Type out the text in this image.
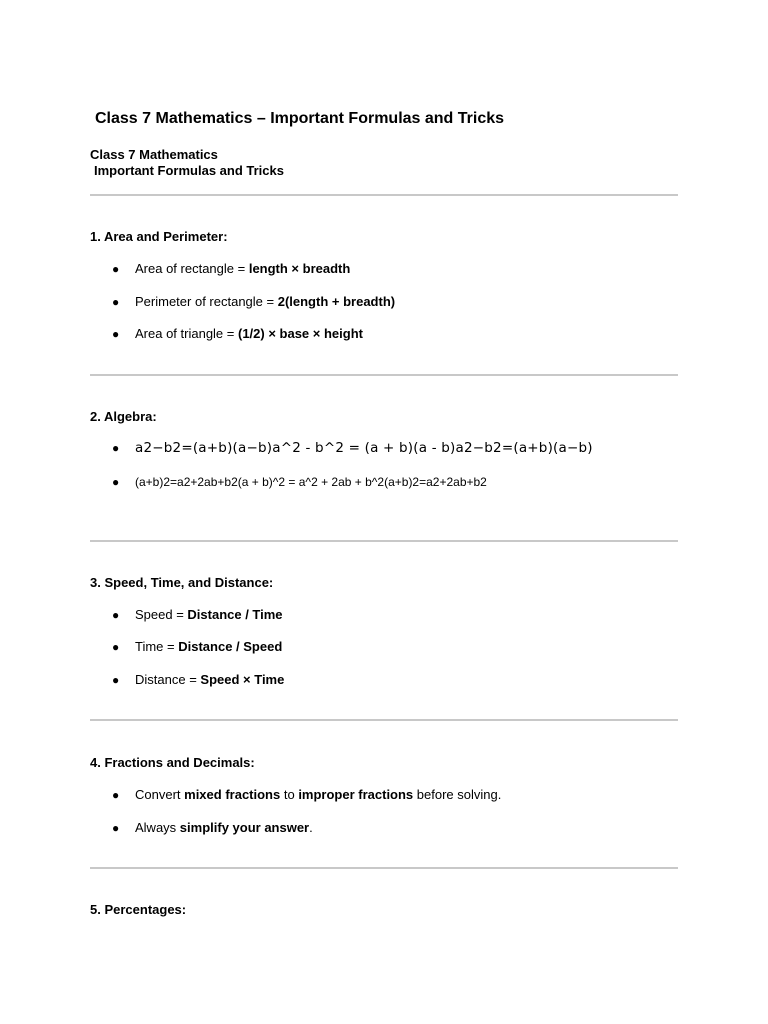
Class 7 Mathematics – Important Formulas and Tricks
Class 7 Mathematics
Important Formulas and Tricks
1. Area and Perimeter:
●	Area of rectangle = length × breadth
●	Perimeter of rectangle = 2(length + breadth)
●	Area of triangle = (1/2) × base × height
2. Algebra:
●	a2−b2=(a+b)(a−b)a^2 - b^2 = (a + b)(a - b)a2−b2=(a+b)(a−b)
●	(a+b)2=a2+2ab+b2(a + b)^2 = a^2 + 2ab + b^2(a+b)2=a2+2ab+b2
3. Speed, Time, and Distance:
●	Speed = Distance / Time
●	Time = Distance / Speed
●	Distance = Speed × Time
4. Fractions and Decimals:
●	Convert mixed fractions to improper fractions before solving.
●	Always simplify your answer .
5. Percentages:
